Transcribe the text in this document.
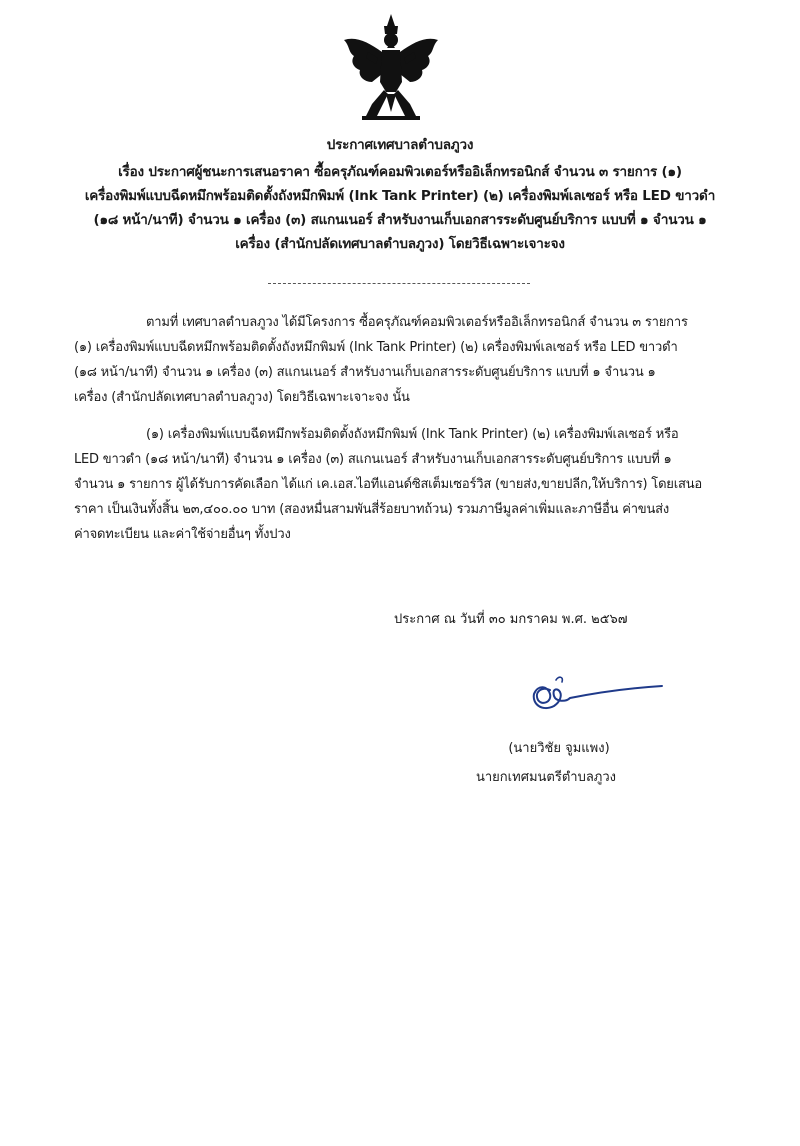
ประกาศเทศบาลตำบลภูวง
เรื่อง ประกาศผู้ชนะการเสนอราคา ซื้อครุภัณฑ์คอมพิวเตอร์หรืออิเล็กทรอนิกส์ จำนวน ๓ รายการ (๑)
เครื่องพิมพ์แบบฉีดหมึกพร้อมติดตั้งถังหมึกพิมพ์ (Ink Tank Printer) (๒) เครื่องพิมพ์เลเซอร์ หรือ LED ขาวดำ
(๑๘ หน้า/นาที) จำนวน ๑ เครื่อง (๓) สแกนเนอร์ สำหรับงานเก็บเอกสารระดับศูนย์บริการ แบบที่ ๑ จำนวน ๑
เครื่อง (สำนักปลัดเทศบาลตำบลภูวง) โดยวิธีเฉพาะเจาะจง
ตามที่ เทศบาลตำบลภูวง ได้มีโครงการ ซื้อครุภัณฑ์คอมพิวเตอร์หรืออิเล็กทรอนิกส์ จำนวน ๓ รายการ
(๑) เครื่องพิมพ์แบบฉีดหมึกพร้อมติดตั้งถังหมึกพิมพ์ (Ink Tank Printer) (๒) เครื่องพิมพ์เลเซอร์ หรือ LED ขาวดำ
(๑๘ หน้า/นาที) จำนวน ๑ เครื่อง (๓) สแกนเนอร์ สำหรับงานเก็บเอกสารระดับศูนย์บริการ แบบที่ ๑ จำนวน ๑
เครื่อง (สำนักปลัดเทศบาลตำบลภูวง) โดยวิธีเฉพาะเจาะจง นั้น
(๑) เครื่องพิมพ์แบบฉีดหมึกพร้อมติดตั้งถังหมึกพิมพ์ (Ink Tank Printer) (๒) เครื่องพิมพ์เลเซอร์ หรือ
LED ขาวดำ (๑๘ หน้า/นาที) จำนวน ๑ เครื่อง (๓) สแกนเนอร์ สำหรับงานเก็บเอกสารระดับศูนย์บริการ แบบที่ ๑
จำนวน ๑ รายการ ผู้ได้รับการคัดเลือก ได้แก่ เค.เอส.ไอทีแอนด์ซิสเต็มเซอร์วิส (ขายส่ง,ขายปลีก,ให้บริการ) โดยเสนอ
ราคา เป็นเงินทั้งสิ้น ๒๓,๔๐๐.๐๐ บาท (สองหมื่นสามพันสี่ร้อยบาทถ้วน) รวมภาษีมูลค่าเพิ่มและภาษีอื่น ค่าขนส่ง
ค่าจดทะเบียน และค่าใช้จ่ายอื่นๆ ทั้งปวง
ประกาศ ณ วันที่ ๓๐ มกราคม พ.ศ. ๒๕๖๗
(นายวิชัย จูมแพง)
นายกเทศมนตรีตำบลภูวง
